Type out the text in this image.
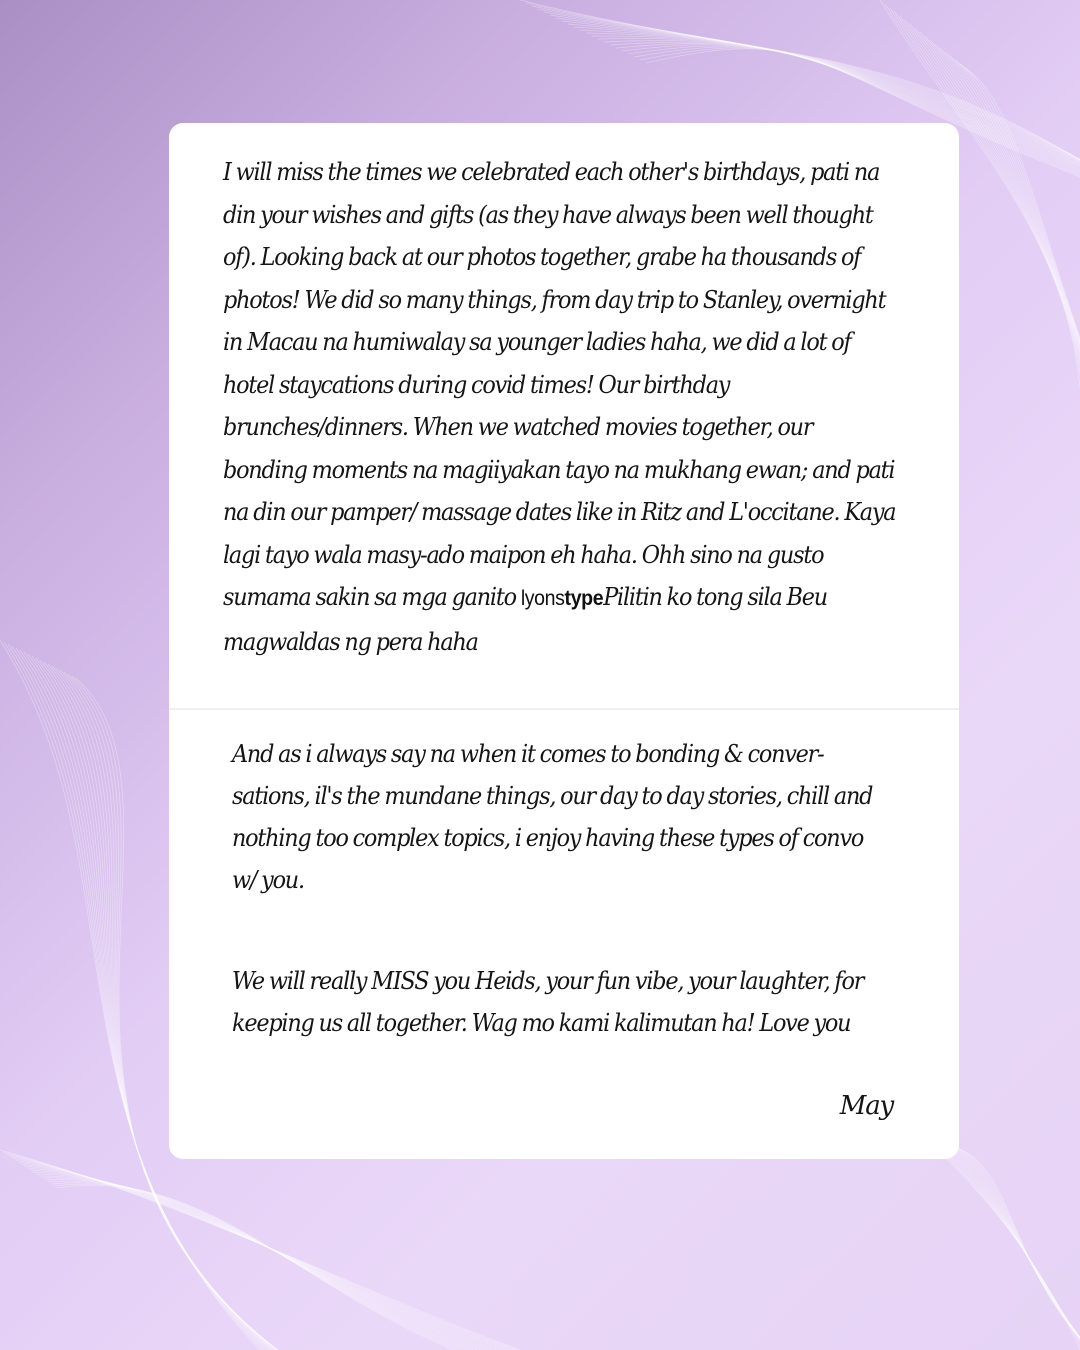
I will miss the times we celebrated each other's birthdays, pati na din your wishes and gifts (as they have always been well thought of). Looking back at our photos together, grabe ha thousands of photos! We did so many things, from day trip to Stanley, overnight in Macau na humiwalay sa younger ladies haha, we did a lot of hotel staycations during covid times! Our birthday brunches/dinners. When we watched movies together, our bonding moments na magiiyakan tayo na mukhang ewan; and pati na din our pamper/ massage dates like in Ritz and L'occitane. Kaya lagi tayo wala masy-ado maipon eh haha. Ohh sino na gusto sumama sakin sa mga ganito lyonstypePilitin ko tong sila Beu magwaldas ng pera haha

And as i always say na when it comes to bonding & conver-sations, il's the mundane things, our day to day stories, chill and nothing too complex topics, i enjoy having these types of convo w/ you.

We will really MISS you Heids, your fun vibe, your laughter, for keeping us all together. Wag mo kami kalimutan ha! Love you

May
